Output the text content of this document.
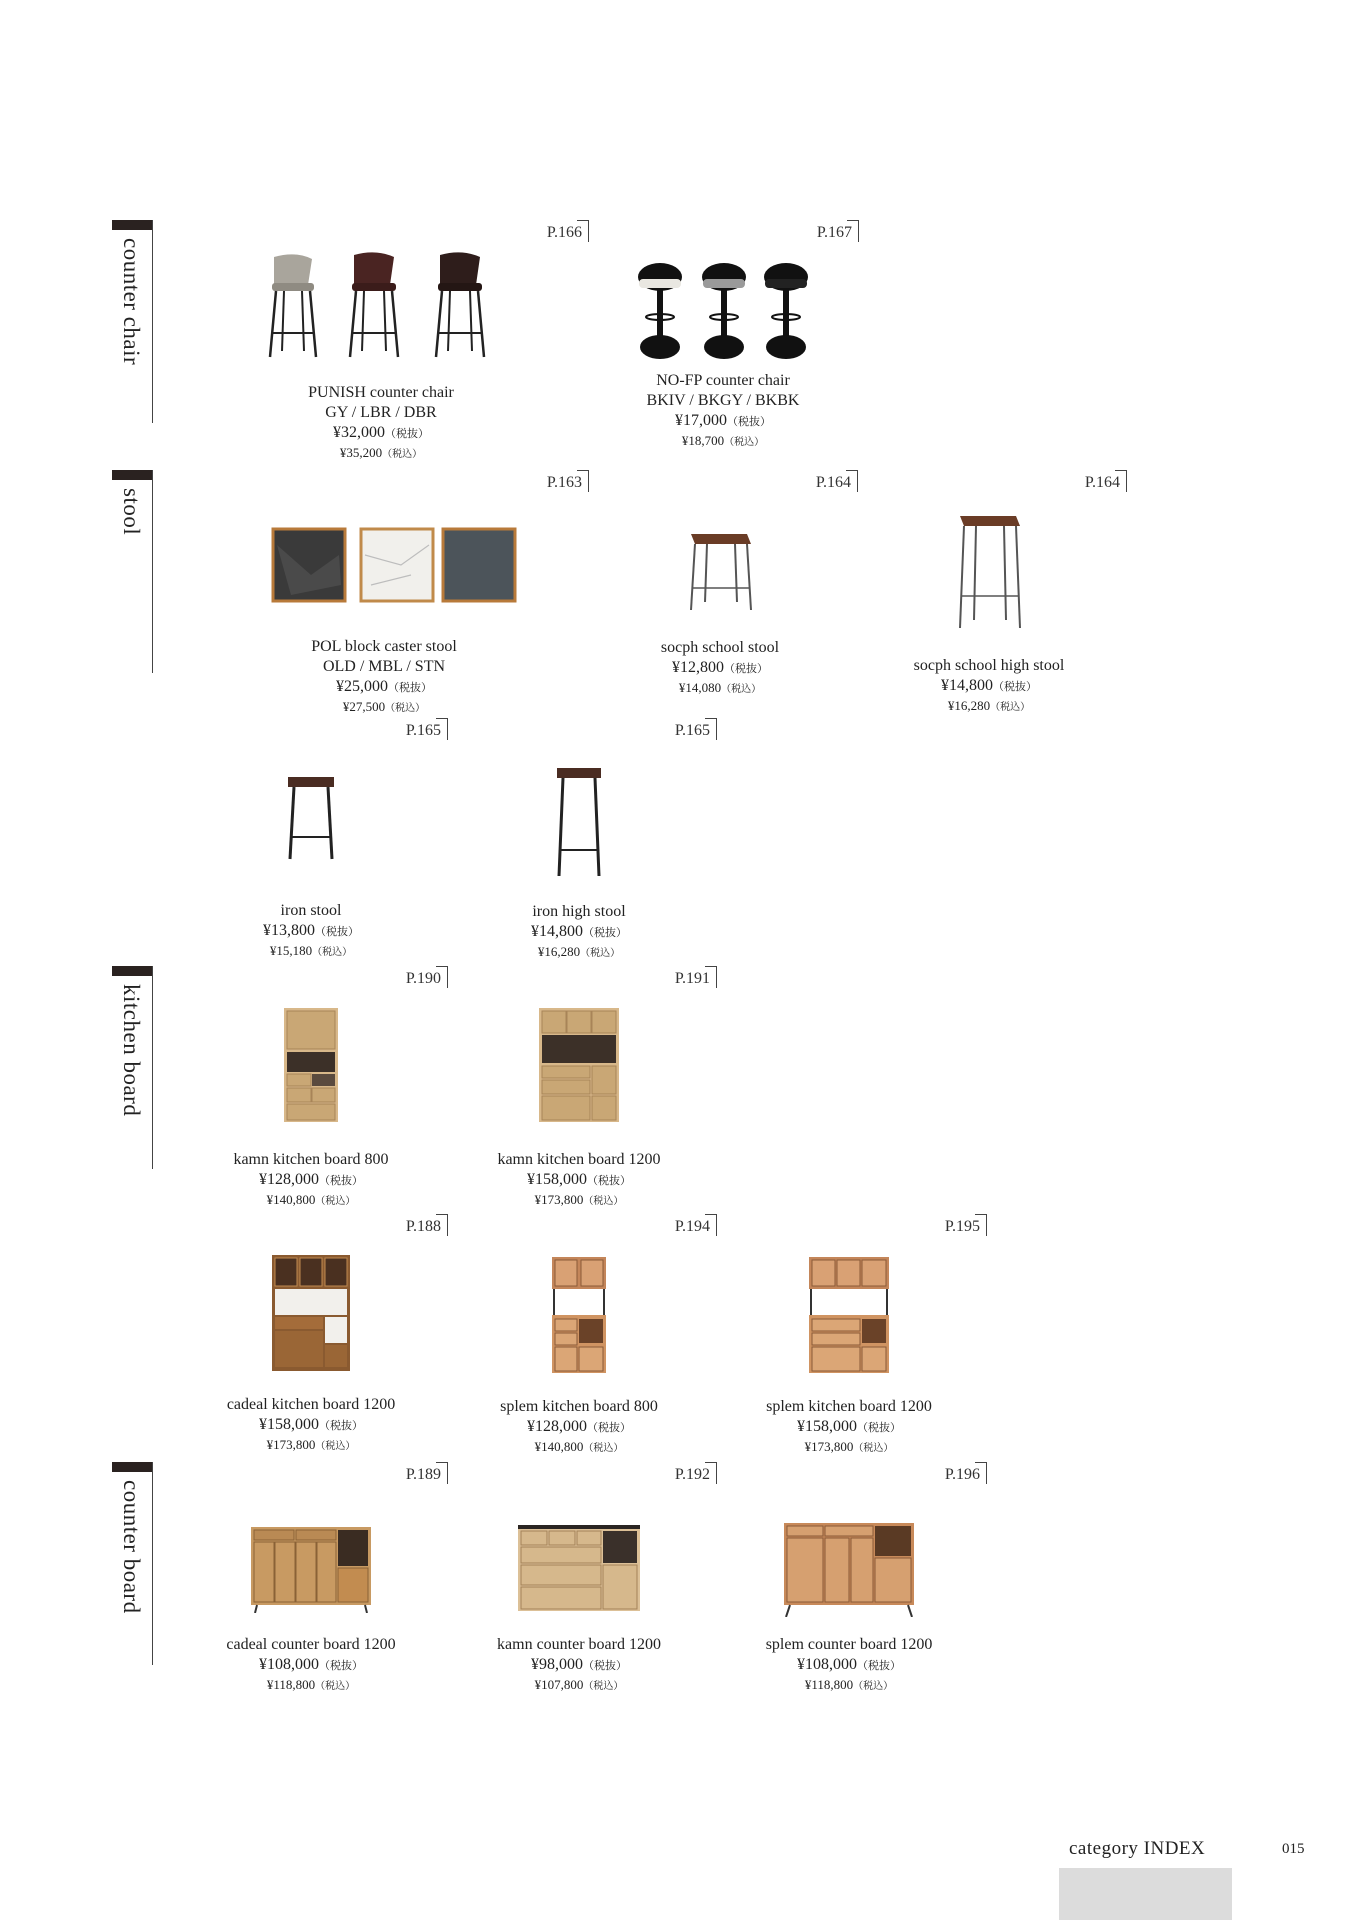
counter chair
stool
kitchen board
counter board
P.166
PUNISH counter chair
GY / LBR / DBR
¥32,000（税抜）
¥35,200（税込）
P.167
NO-FP counter chair
BKIV / BKGY / BKBK
¥17,000（税抜）
¥18,700（税込）
P.163
POL block caster stool
OLD / MBL / STN
¥25,000（税抜）
¥27,500（税込）
P.164
socph school stool
¥12,800（税抜）
¥14,080（税込）
P.164
socph school high stool
¥14,800（税抜）
¥16,280（税込）
P.165
iron stool
¥13,800（税抜）
¥15,180（税込）
P.165
iron high stool
¥14,800（税抜）
¥16,280（税込）
P.190
kamn kitchen board 800
¥128,000（税抜）
¥140,800（税込）
P.191
kamn kitchen board 1200
¥158,000（税抜）
¥173,800（税込）
P.188
cadeal kitchen board 1200
¥158,000（税抜）
¥173,800（税込）
P.194
splem kitchen board 800
¥128,000（税抜）
¥140,800（税込）
P.195
splem kitchen board 1200
¥158,000（税抜）
¥173,800（税込）
P.189
cadeal counter board 1200
¥108,000（税抜）
¥118,800（税込）
P.192
kamn counter board 1200
¥98,000（税抜）
¥107,800（税込）
P.196
splem counter board 1200
¥108,000（税抜）
¥118,800（税込）
category INDEX	015
